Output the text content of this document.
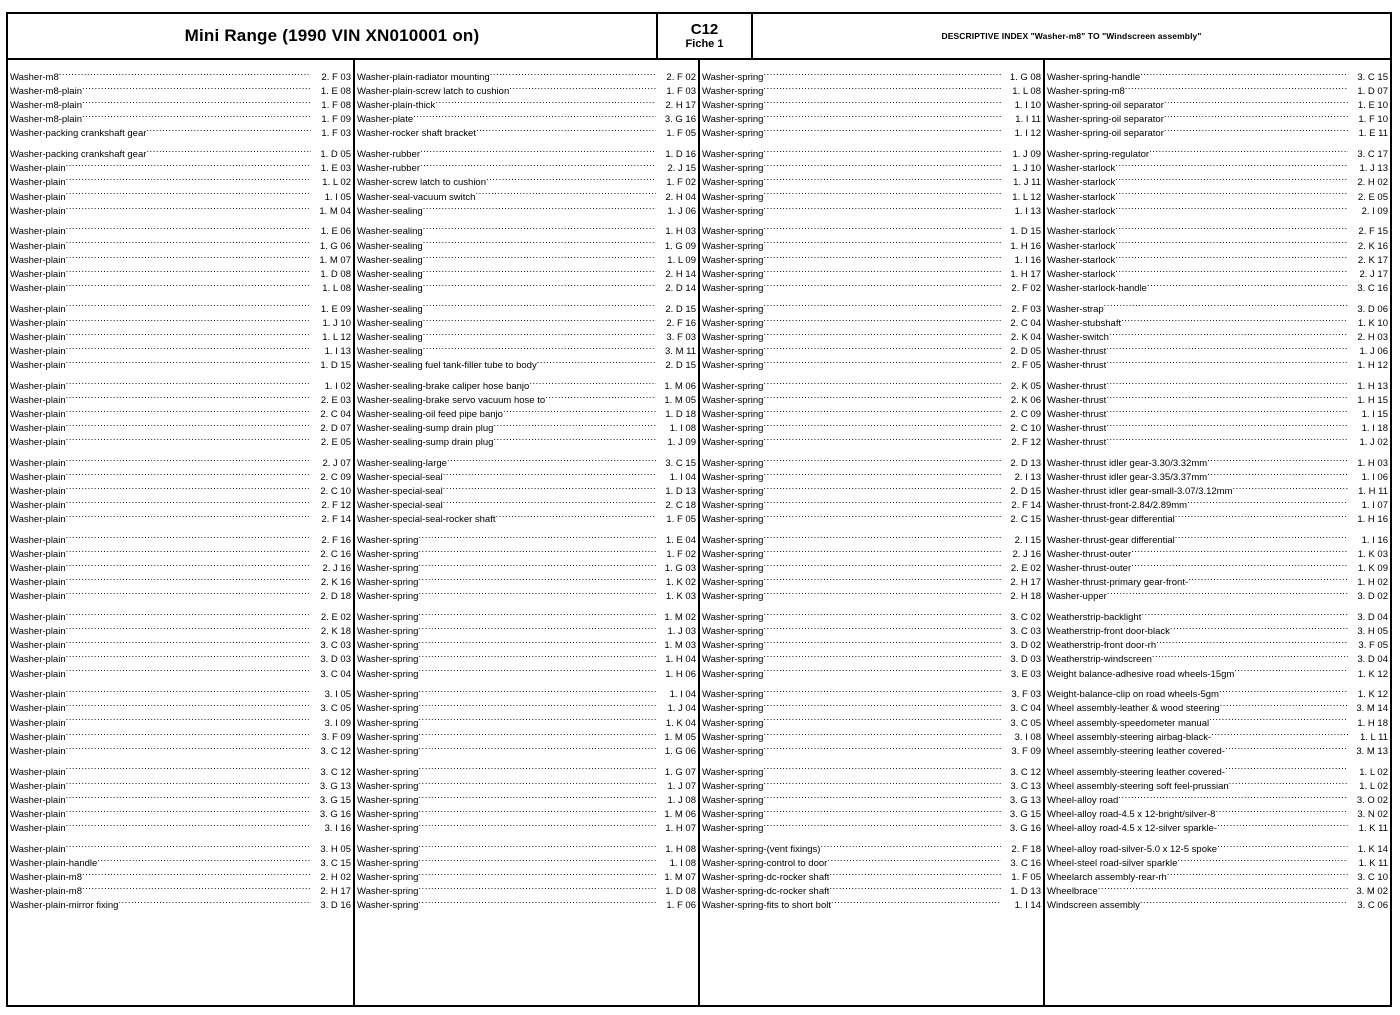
Mini Range (1990 VIN XN010001 on)	C12
Fiche 1
DESCRIPTIVE INDEX "Washer-m8" TO "Windscreen assembly"
Washer-m8 .....	2. F 03
Washer-m8-plain .....	1. E 08
Washer-m8-plain .....	1. F 08
Washer-m8-plain .....	1. F 09
Washer-packing crankshaft gear .....	1. F 03
Washer-packing crankshaft gear .....	1. D 05
Washer-plain .....	1. E 03
Washer-plain .....	1. L 02
Washer-plain .....	1. I 05
Washer-plain .....	1. M 04
Washer-plain .....	1. E 06
Washer-plain .....	1. G 06
Washer-plain .....	1. M 07
Washer-plain .....	1. D 08
Washer-plain .....	1. L 08
Washer-plain .....	1. E 09
Washer-plain .....	1. J 10
Washer-plain .....	1. L 12
Washer-plain .....	1. I 13
Washer-plain .....	1. D 15
Washer-plain .....	1. I 02
Washer-plain .....	2. E 03
Washer-plain .....	2. C 04
Washer-plain .....	2. D 07
Washer-plain .....	2. E 05
Washer-plain .....	2. J 07
Washer-plain .....	2. C 09
Washer-plain .....	2. C 10
Washer-plain .....	2. F 12
Washer-plain .....	2. F 14
Washer-plain .....	2. F 16
Washer-plain .....	2. C 16
Washer-plain .....	2. J 16
Washer-plain .....	2. K 16
Washer-plain .....	2. D 18
Washer-plain .....	2. E 02
Washer-plain .....	2. K 18
Washer-plain .....	3. C 03
Washer-plain .....	3. D 03
Washer-plain .....	3. C 04
Washer-plain .....	3. I 05
Washer-plain .....	3. C 05
Washer-plain .....	3. I 09
Washer-plain .....	3. F 09
Washer-plain .....	3. C 12
Washer-plain .....	3. C 12
Washer-plain .....	3. G 13
Washer-plain .....	3. G 15
Washer-plain .....	3. G 16
Washer-plain .....	3. I 16
Washer-plain .....	3. H 05
Washer-plain-handle .....	3. C 15
Washer-plain-m8 .....	2. H 02
Washer-plain-m8 .....	2. H 17
Washer-plain-mirror fixing .....	3. D 16
Washer-plain-radiator mounting .....	2. F 02
Washer-plain-screw latch to cushion .....	1. F 03
Washer-plain-thick .....	2. H 17
Washer-plate .....	3. G 16
Washer-rocker shaft bracket .....	1. F 05
Washer-rubber .....	1. D 16
Washer-rubber .....	2. J 15
Washer-screw latch to cushion .....	1. F 02
Washer-seal-vacuum switch .....	2. H 04
Washer-sealing .....	1. J 06
Washer-sealing .....	1. H 03
Washer-sealing .....	1. G 09
Washer-sealing .....	1. L 09
Washer-sealing .....	2. H 14
Washer-sealing .....	2. D 14
Washer-sealing .....	2. D 15
Washer-sealing .....	2. F 16
Washer-sealing .....	3. F 03
Washer-sealing .....	3. M 11
Washer-sealing fuel tank-filler tube to body .....	2. D 15
Washer-sealing-brake caliper hose banjo .....	1. M 06
Washer-sealing-brake servo vacuum hose to .....	1. M 05
Washer-sealing-oil feed pipe banjo .....	1. D 18
Washer-sealing-sump drain plug .....	1. I 08
Washer-sealing-sump drain plug .....	1. J 09
Washer-sealing-large .....	3. C 15
Washer-special-seal .....	1. I 04
Washer-special-seal .....	1. D 13
Washer-special-seal .....	2. C 18
Washer-special-seal-rocker shaft .....	1. F 05
Washer-spring .....	1. E 04
Washer-spring .....	1. F 02
Washer-spring .....	1. G 03
Washer-spring .....	1. K 02
Washer-spring .....	1. K 03
Washer-spring .....	1. M 02
Washer-spring .....	1. J 03
Washer-spring .....	1. M 03
Washer-spring .....	1. H 04
Washer-spring .....	1. H 06
Washer-spring .....	1. I 04
Washer-spring .....	1. J 04
Washer-spring .....	1. K 04
Washer-spring .....	1. M 05
Washer-spring .....	1. G 06
Washer-spring .....	1. G 07
Washer-spring .....	1. J 07
Washer-spring .....	1. J 08
Washer-spring .....	1. M 06
Washer-spring .....	1. H 07
Washer-spring .....	1. H 08
Washer-spring .....	1. I 08
Washer-spring .....	1. M 07
Washer-spring .....	1. D 08
Washer-spring .....	1. F 06
Washer-spring .....	1. G 08
Washer-spring .....	1. L 08
Washer-spring .....	1. I 10
Washer-spring .....	1. I 11
Washer-spring .....	1. I 12
Washer-spring .....	1. J 09
Washer-spring .....	1. J 10
Washer-spring .....	1. J 11
Washer-spring .....	1. L 12
Washer-spring .....	1. I 13
Washer-spring .....	1. D 15
Washer-spring .....	1. H 16
Washer-spring .....	1. I 16
Washer-spring .....	1. H 17
Washer-spring .....	2. F 02
Washer-spring .....	2. F 03
Washer-spring .....	2. C 04
Washer-spring .....	2. K 04
Washer-spring .....	2. D 05
Washer-spring .....	2. F 05
Washer-spring .....	2. K 05
Washer-spring .....	2. K 06
Washer-spring .....	2. C 09
Washer-spring .....	2. C 10
Washer-spring .....	2. F 12
Washer-spring .....	2. D 13
Washer-spring .....	2. I 13
Washer-spring .....	2. D 15
Washer-spring .....	2. F 14
Washer-spring .....	2. C 15
Washer-spring .....	2. I 15
Washer-spring .....	2. J 16
Washer-spring .....	2. E 02
Washer-spring .....	2. H 17
Washer-spring .....	2. H 18
Washer-spring .....	3. C 02
Washer-spring .....	3. C 03
Washer-spring .....	3. D 02
Washer-spring .....	3. D 03
Washer-spring .....	3. E 03
Washer-spring .....	3. F 03
Washer-spring .....	3. C 04
Washer-spring .....	3. C 05
Washer-spring .....	3. I 08
Washer-spring .....	3. F 09
Washer-spring .....	3. C 12
Washer-spring .....	3. C 13
Washer-spring .....	3. G 13
Washer-spring .....	3. G 15
Washer-spring .....	3. G 16
Washer-spring-(vent fixings) .....	2. F 18
Washer-spring-control to door .....	3. C 16
Washer-spring-dc-rocker shaft .....	1. F 05
Washer-spring-dc-rocker shaft .....	1. D 13
Washer-spring-fits to short bolt .....	1. I 14
Washer-spring-handle .....	3. C 15
Washer-spring-m8 .....	1. D 07
Washer-spring-oil separator .....	1. E 10
Washer-spring-oil separator .....	1. F 10
Washer-spring-oil separator .....	1. E 11
Washer-spring-regulator .....	3. C 17
Washer-starlock .....	1. J 13
Washer-starlock .....	2. H 02
Washer-starlock .....	2. E 05
Washer-starlock .....	2. I 09
Washer-starlock .....	2. F 15
Washer-starlock .....	2. K 16
Washer-starlock .....	2. K 17
Washer-starlock .....	2. J 17
Washer-starlock-handle .....	3. C 16
Washer-strap .....	3. D 06
Washer-stubshaft .....	1. K 10
Washer-switch .....	2. H 03
Washer-thrust .....	1. J 06
Washer-thrust .....	1. H 12
Washer-thrust .....	1. H 13
Washer-thrust .....	1. H 15
Washer-thrust .....	1. I 15
Washer-thrust .....	1. I 18
Washer-thrust .....	1. J 02
Washer-thrust idler gear-3.30/3.32mm .....	1. H 03
Washer-thrust idler gear-3.35/3.37mm .....	1. I 06
Washer-thrust idler gear-small-3.07/3.12mm .....	1. H 11
Washer-thrust-front-2.84/2.89mm .....	1. I 07
Washer-thrust-gear differential .....	1. H 16
Washer-thrust-gear differential .....	1. I 16
Washer-thrust-outer .....	1. K 03
Washer-thrust-outer .....	1. K 09
Washer-thrust-primary gear-front- .....	1. H 02
Washer-upper .....	3. D 02
Weatherstrip-backlight .....	3. D 04
Weatherstrip-front door-black .....	3. H 05
Weatherstrip-front door-rh .....	3. F 05
Weatherstrip-windscreen .....	3. D 04
Weight balance-adhesive road wheels-15gm .....	1. K 12
Weight-balance-clip on road wheels-5gm .....	1. K 12
Wheel assembly-leather & wood steering .....	3. M 14
Wheel assembly-speedometer manual .....	1. H 18
Wheel assembly-steering airbag-black- .....	1. L 11
Wheel assembly-steering leather covered- .....	3. M 13
Wheel assembly-steering leather covered- .....	1. L 02
Wheel assembly-steering soft feel-prussian .....	1. L 02
Wheel-alloy road .....	3. O 02
Wheel-alloy road-4.5 x 12-bright/silver-8 .....	3. N 02
Wheel-alloy road-4.5 x 12-silver sparkle- .....	1. K 11
Wheel-alloy road-silver-5.0 x 12-5 spoke .....	1. K 14
Wheel-steel road-silver sparkle .....	1. K 11
Wheelarch assembly-rear-rh .....	3. C 10
Wheelbrace .....	3. M 02
Windscreen assembly .....	3. C 06
